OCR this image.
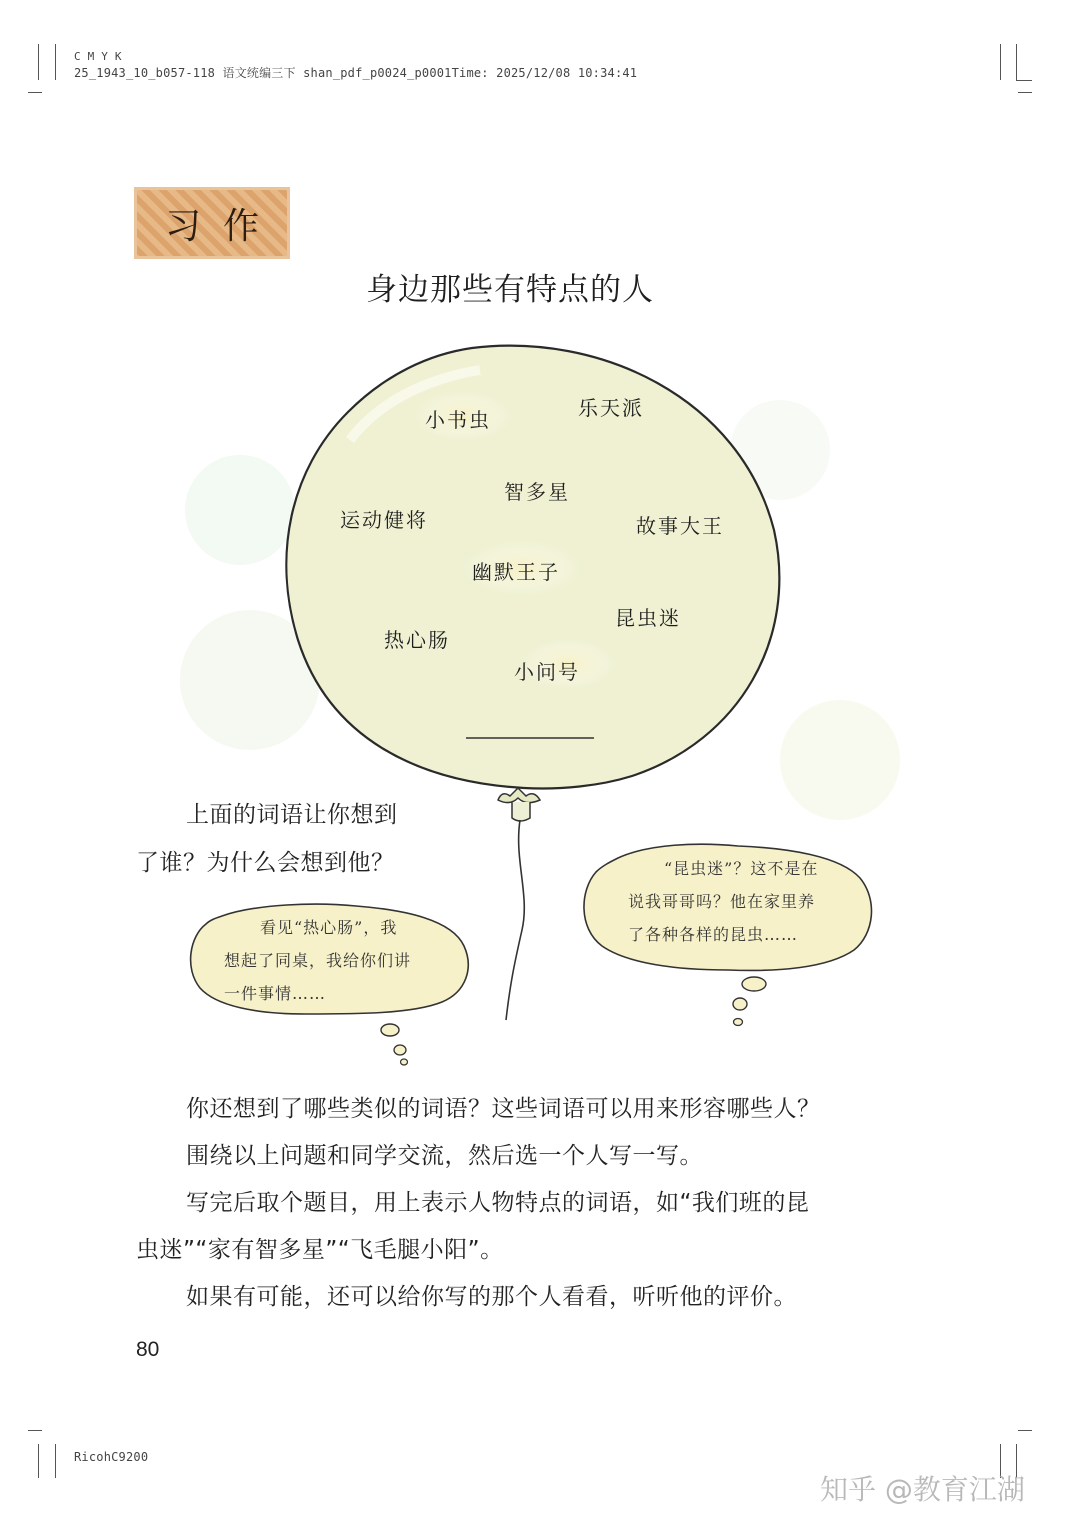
C M Y K
25_1943_10_b057-118 语文统编三下 shan_pdf_p0024_p0001Time: 2025/12/08 10:34:41
习作
身边那些有特点的人
小书虫	乐天派
智多星
运动健将	故事大王
幽默王子
昆虫迷
热心肠
小问号
上面的词语让你想到
了谁？为什么会想到他？	“昆虫迷”？这不是在
说我哥哥吗？他在家里养
了各种各样的昆虫……
看见“热心肠”，我
想起了同桌，我给你们讲
一件事情……
你还想到了哪些类似的词语？这些词语可以用来形容哪些人？
围绕以上问题和同学交流，然后选一个人写一写。
写完后取个题目，用上表示人物特点的词语，如“我们班的昆
虫迷”“家有智多星”“飞毛腿小阳”。
如果有可能，还可以给你写的那个人看看，听听他的评价。
80
RicohC9200
知乎 @教育江湖
